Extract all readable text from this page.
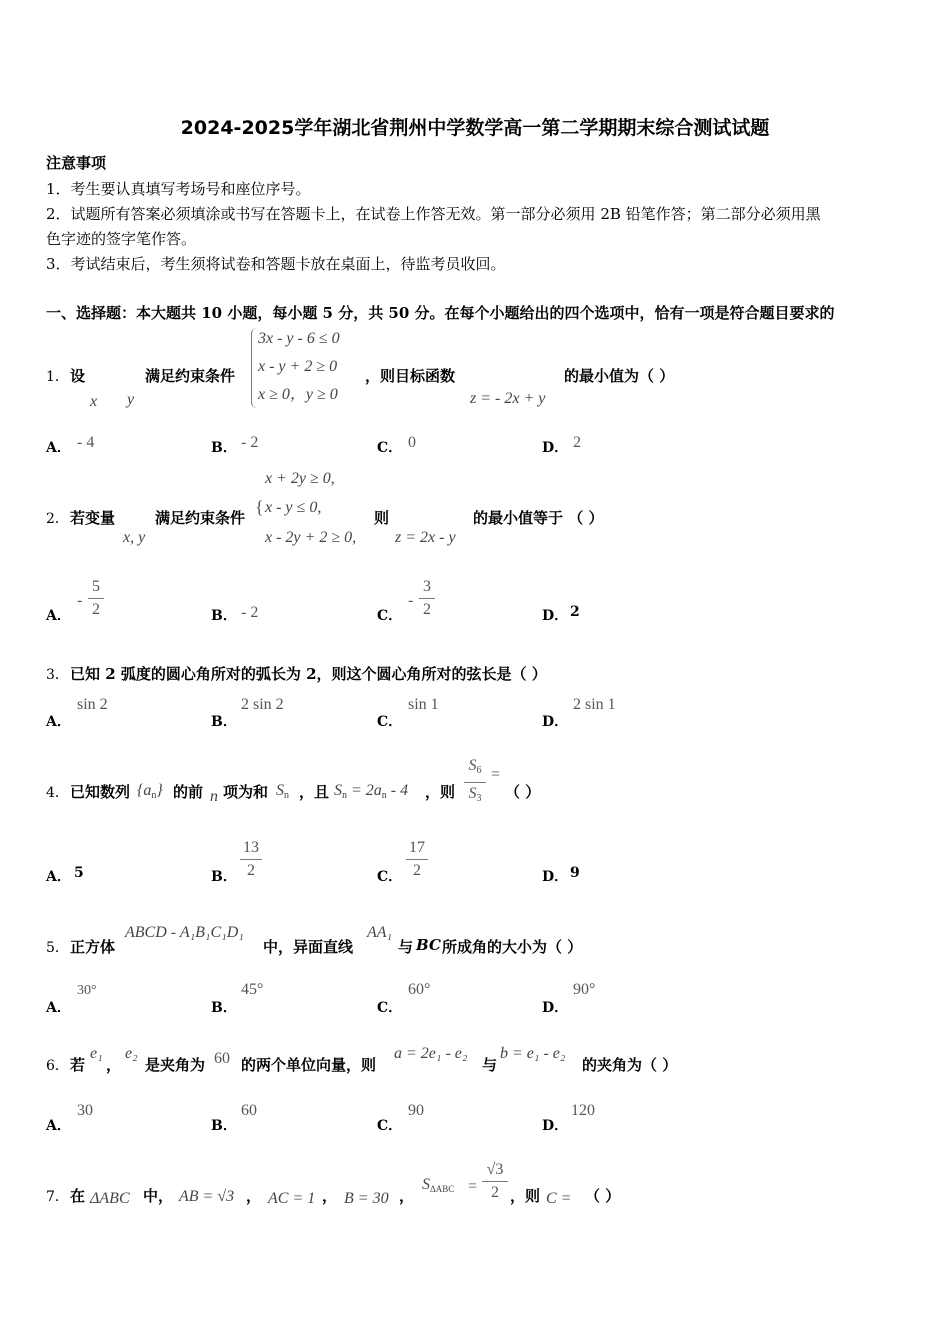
2024-2025学年湖北省荆州中学数学高一第二学期期末综合测试试题
注意事项
1．考生要认真填写考场号和座位序号。
2．试题所有答案必须填涂或书写在答题卡上，在试卷上作答无效。第一部分必须用 2B 铅笔作答；第二部分必须用黑
色字迹的签字笔作答。
3．考试结束后，考生须将试卷和答题卡放在桌面上，待监考员收回。
一、选择题：本大题共 10 小题，每小题 5 分，共 50 分。在每个小题给出的四个选项中，恰有一项是符合题目要求的
1． 设
x y
满足约束条件
3x - y - 6 ≤ 0
x - y + 2 ≥ 0
x ≥ 0，y ≥ 0
，则目标函数
z = - 2x + y
的最小值为（ ）
A． - 4	B． - 2	C． 0	D． 2
2． 若变量
x, y
满足约束条件
{
x + 2y ≥ 0,
x - y ≤ 0,
x - 2y + 2 ≥ 0,
则
z = 2x - y
的最小值等于 （ ）
A．
-
5
2	B． - 2	C．
-
3
2	D． 2
3． 已知 2 弧度的圆心角所对的弧长为 2，则这个圆心角所对的弦长是（ ）
A．
sin 2
B．
2 sin 2
C．
sin 1
D．
2 sin 1
4． 已知数列 $\{a_n\}$ 的前 n 项为和 $S_n$ ，且 $S_n = 2a_n - 4$ ，则
$S_6$
$S_3$
=
（ ）
A． 5	B．
13
2	C．
17
2	D． 9
5． 正方体
ABCD - A₁B₁C₁D₁
中，异面直线
AA₁
与 BC 所成角的大小为（ ）
A．
30°
B．
45°
C．
60°
D．
90°
6． 若
e₁
，
e₂
是夹角为 60 的两个单位向量，则
a = 2e₁ - e₂
与
b = e₁ - e₂
的夹角为（ ）
A．
30
B．
60
C．
90
D．
120
7． 在 ΔABC 中， AB = √3 ， AC = 1 ， B = 30 ，
$S_{\Delta ABC}$ =
√3
2 ，则 C = （ ）
